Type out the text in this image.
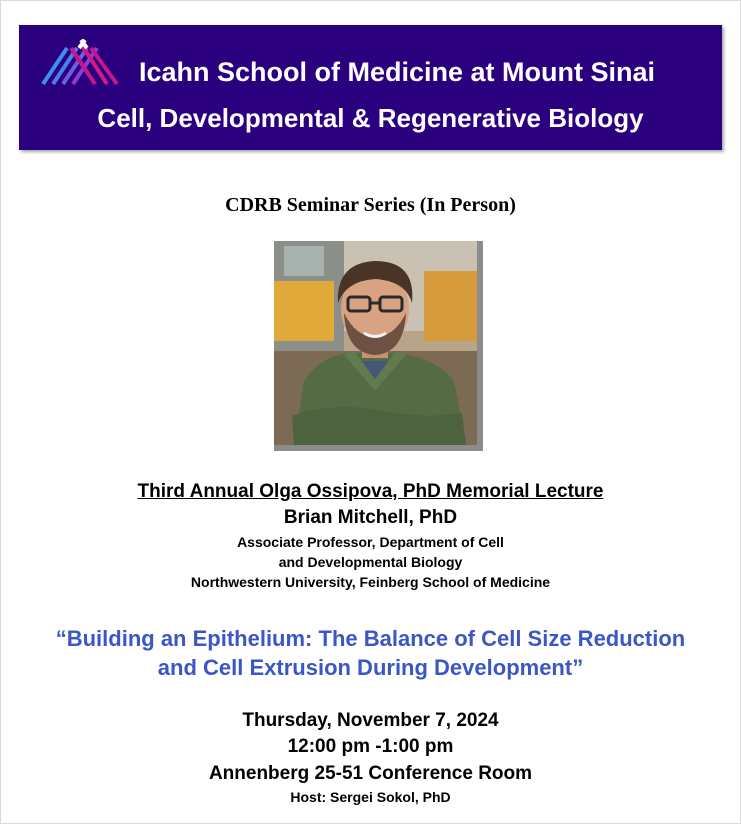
Icahn School of Medicine at Mount Sinai
Cell, Developmental & Regenerative Biology
CDRB Seminar Series (In Person)
Third Annual Olga Ossipova, PhD Memorial Lecture
Brian Mitchell, PhD
Associate Professor, Department of Cell
and Developmental Biology
Northwestern University, Feinberg School of Medicine
“Building an Epithelium: The Balance of Cell Size Reduction
and Cell Extrusion During Development”
Thursday, November 7, 2024
12:00 pm -1:00 pm
Annenberg 25-51 Conference Room
Host: Sergei Sokol, PhD
